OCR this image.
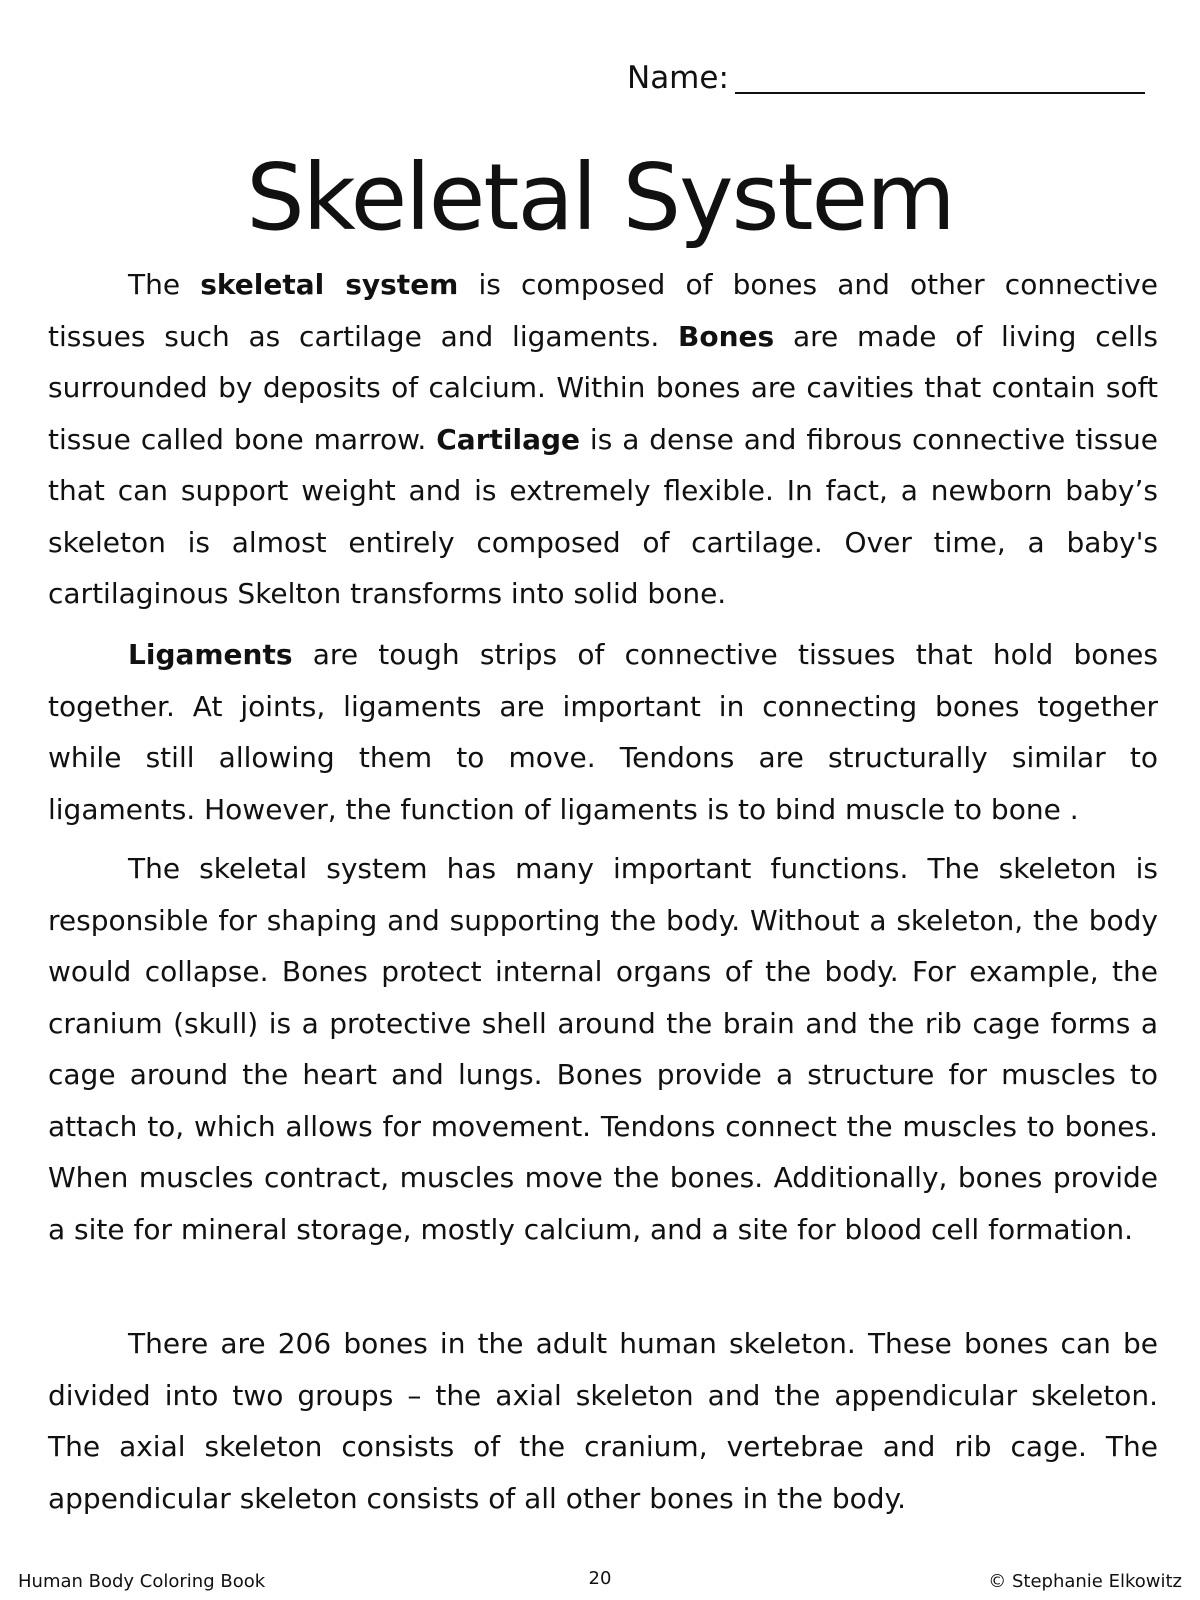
Name:
Skeletal System

The skeletal system is composed of bones and other connective tissues such as cartilage and ligaments. Bones are made of living cells surrounded by deposits of calcium. Within bones are cavities that contain soft tissue called bone marrow. Cartilage is a dense and fibrous connective tissue that can support weight and is extremely flexible. In fact, a newborn baby’s skeleton is almost entirely composed of cartilage. Over time, a baby's cartilaginous Skelton transforms into solid bone.

Ligaments are tough strips of connective tissues that hold bones together. At joints, ligaments are important in connecting bones together while still allowing them to move. Tendons are structurally similar to ligaments. However, the function of ligaments is to bind muscle to bone .

The skeletal system has many important functions. The skeleton is responsible for shaping and supporting the body. Without a skeleton, the body would collapse. Bones protect internal organs of the body. For example, the cranium (skull) is a protective shell around the brain and the rib cage forms a cage around the heart and lungs. Bones provide a structure for muscles to attach to, which allows for movement. Tendons connect the muscles to bones. When muscles contract, muscles move the bones. Additionally, bones provide a site for mineral storage, mostly calcium, and a site for blood cell formation.

There are 206 bones in the adult human skeleton. These bones can be divided into two groups – the axial skeleton and the appendicular skeleton. The axial skeleton consists of the cranium, vertebrae and rib cage. The appendicular skeleton consists of all other bones in the body.

Human Body Coloring Book	20	© Stephanie Elkowitz
